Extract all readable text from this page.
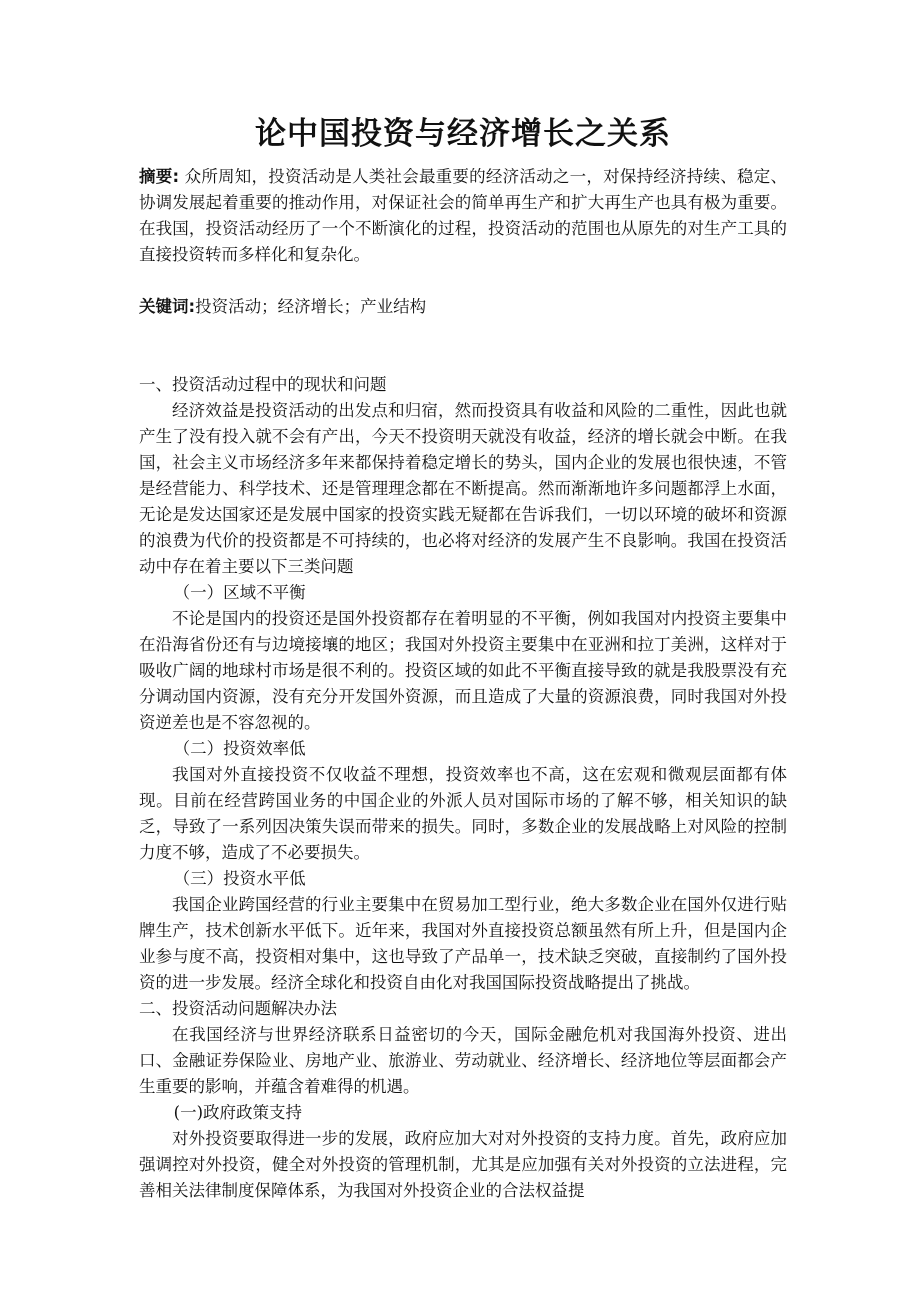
论中国投资与经济增长之关系

摘要: 众所周知，投资活动是人类社会最重要的经济活动之一，对保持经济持续、稳定、协调发展起着重要的推动作用，对保证社会的简单再生产和扩大再生产也具有极为重要。在我国，投资活动经历了一个不断演化的过程，投资活动的范围也从原先的对生产工具的直接投资转而多样化和复杂化。

关键词:投资活动；经济增长；产业结构

一、投资活动过程中的现状和问题

经济效益是投资活动的出发点和归宿，然而投资具有收益和风险的二重性，因此也就产生了没有投入就不会有产出，今天不投资明天就没有收益，经济的增长就会中断。在我国，社会主义市场经济多年来都保持着稳定增长的势头，国内企业的发展也很快速，不管是经营能力、科学技术、还是管理理念都在不断提高。然而渐渐地许多问题都浮上水面，无论是发达国家还是发展中国家的投资实践无疑都在告诉我们，一切以环境的破坏和资源的浪费为代价的投资都是不可持续的，也必将对经济的发展产生不良影响。我国在投资活动中存在着主要以下三类问题

（一）区域不平衡

不论是国内的投资还是国外投资都存在着明显的不平衡，例如我国对内投资主要集中在沿海省份还有与边境接壤的地区；我国对外投资主要集中在亚洲和拉丁美洲，这样对于吸收广阔的地球村市场是很不利的。投资区域的如此不平衡直接导致的就是我股票没有充分调动国内资源，没有充分开发国外资源，而且造成了大量的资源浪费，同时我国对外投资逆差也是不容忽视的。

（二）投资效率低

我国对外直接投资不仅收益不理想，投资效率也不高，这在宏观和微观层面都有体现。目前在经营跨国业务的中国企业的外派人员对国际市场的了解不够，相关知识的缺乏，导致了一系列因决策失误而带来的损失。同时，多数企业的发展战略上对风险的控制力度不够，造成了不必要损失。

（三）投资水平低

我国企业跨国经营的行业主要集中在贸易加工型行业，绝大多数企业在国外仅进行贴牌生产，技术创新水平低下。近年来，我国对外直接投资总额虽然有所上升，但是国内企业参与度不高，投资相对集中，这也导致了产品单一，技术缺乏突破，直接制约了国外投资的进一步发展。经济全球化和投资自由化对我国国际投资战略提出了挑战。

二、投资活动问题解决办法

在我国经济与世界经济联系日益密切的今天，国际金融危机对我国海外投资、进出口、金融证券保险业、房地产业、旅游业、劳动就业、经济增长、经济地位等层面都会产生重要的影响，并蕴含着难得的机遇。

(一)政府政策支持

对外投资要取得进一步的发展，政府应加大对对外投资的支持力度。首先，政府应加强调控对外投资，健全对外投资的管理机制，尤其是应加强有关对外投资的立法进程，完善相关法律制度保障体系，为我国对外投资企业的合法权益提
